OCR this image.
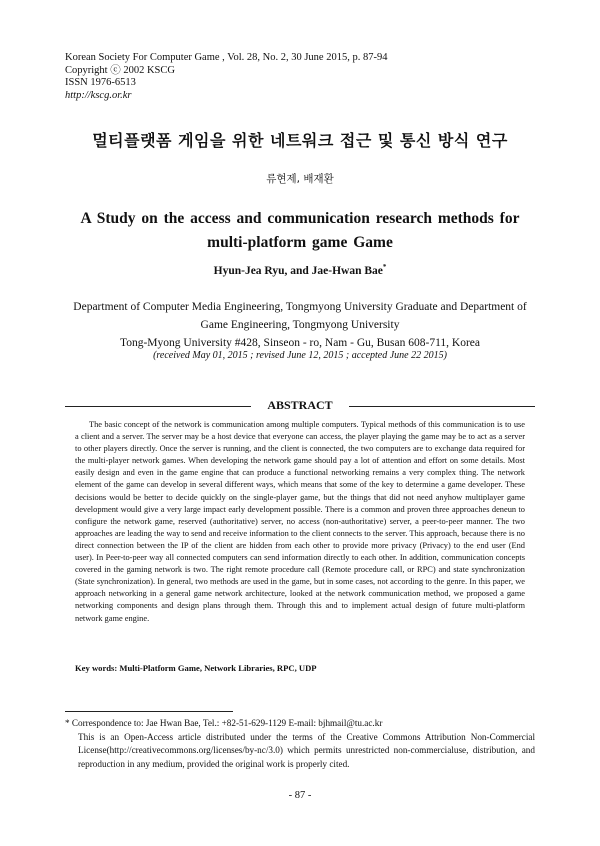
Korean Society For Computer Game , Vol. 28, No. 2, 30 June 2015, p. 87-94
Copyright ⓒ 2002 KSCG
ISSN 1976-6513
http://kscg.or.kr
멀티플랫폼 게임을 위한 네트워크 접근 및 통신 방식 연구
류현제, 배재환
A Study on the access and communication research methods for
multi-platform game Game
Hyun-Jea Ryu, and Jae-Hwan Bae*
Department of Computer Media Engineering, Tongmyong University Graduate and Department of Game Engineering, Tongmyong University
Tong-Myong University #428, Sinseon - ro, Nam - Gu, Busan 608-711, Korea
(received May 01, 2015 ; revised June 12, 2015 ; accepted June 22 2015)
ABSTRACT
The basic concept of the network is communication among multiple computers. Typical methods of this communication is to use a client and a server. The server may be a host device that everyone can access, the player playing the game may be to act as a server to other players directly. Once the server is running, and the client is connected, the two computers are to exchange data required for the multi-player network games. When developing the network game should pay a lot of attention and effort on some details. Most easily design and even in the game engine that can produce a functional networking remains a very complex thing. The network element of the game can develop in several different ways, which means that some of the key to determine a game developer. These decisions would be better to decide quickly on the single-player game, but the things that did not need anyhow multiplayer game development would give a very large impact early development possible. There is a common and proven three approaches deneun to configure the network game, reserved (authoritative) server, no access (non-authoritative) server, a peer-to-peer manner. The two approaches are leading the way to send and receive information to the client connects to the server. This approach, because there is no direct connection between the IP of the client are hidden from each other to provide more privacy (Privacy) to the end user (End user). In Peer-to-peer way all connected computers can send information directly to each other. In addition, communication concepts covered in the gaming network is two. The right remote procedure call (Remote procedure call, or RPC) and state synchronization (State synchronization). In general, two methods are used in the game, but in some cases, not according to the genre. In this paper, we approach networking in a general game network architecture, looked at the network communication method, we proposed a game networking components and design plans through them. Through this and to implement actual design of future multi-platform network game engine.
Key words: Multi-Platform Game, Network Libraries, RPC, UDP
* Correspondence to: Jae Hwan Bae, Tel.: +82-51-629-1129 E-mail: bjhmail@tu.ac.kr
This is an Open-Access article distributed under the terms of the Creative Commons Attribution Non-Commercial License(http://creativecommons.org/licenses/by-nc/3.0) which permits unrestricted non-commercialuse, distribution, and reproduction in any medium, provided the original work is properly cited.
- 87 -
